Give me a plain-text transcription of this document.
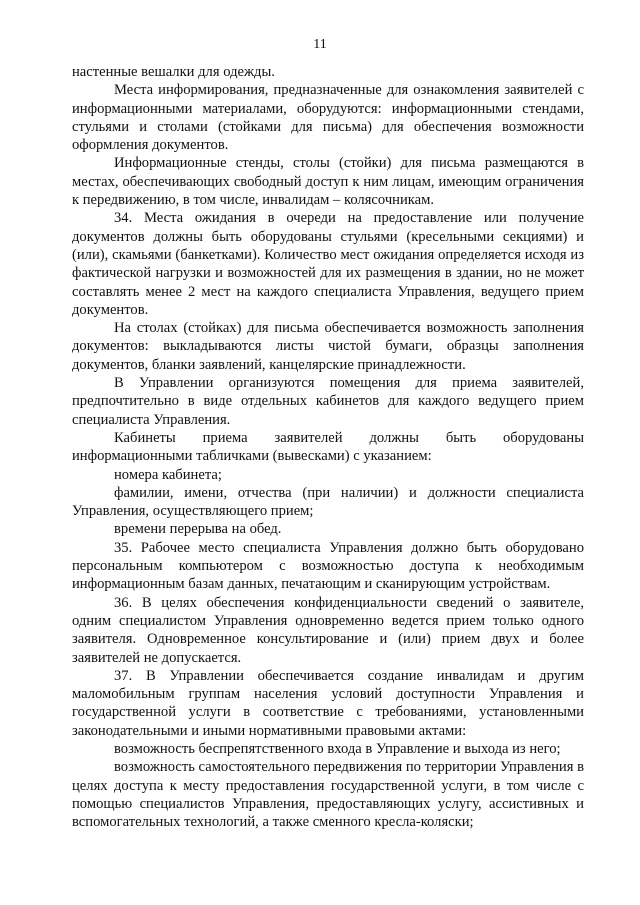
11

настенные вешалки для одежды.

Места информирования, предназначенные для ознакомления заявителей с информационными материалами, оборудуются: информационными стендами, стульями и столами (стойками для письма) для обеспечения возможности оформления документов.

Информационные стенды, столы (стойки) для письма размещаются в местах, обеспечивающих свободный доступ к ним лицам, имеющим ограничения к передвижению, в том числе, инвалидам – колясочникам.

34. Места ожидания в очереди на предоставление или получение документов должны быть оборудованы стульями (кресельными секциями) и (или), скамьями (банкетками). Количество мест ожидания определяется исходя из фактической нагрузки и возможностей для их размещения в здании, но не может составлять менее 2 мест на каждого специалиста Управления, ведущего прием документов.

На столах (стойках) для письма обеспечивается возможность заполнения документов: выкладываются листы чистой бумаги, образцы заполнения документов, бланки заявлений, канцелярские принадлежности.

В Управлении организуются помещения для приема заявителей, предпочтительно в виде отдельных кабинетов для каждого ведущего прием специалиста Управления.

Кабинеты приема заявителей должны быть оборудованы информационными табличками (вывесками) с указанием:

номера кабинета;

фамилии, имени, отчества (при наличии) и должности специалиста Управления, осуществляющего прием;

времени перерыва на обед.

35. Рабочее место специалиста Управления должно быть оборудовано персональным компьютером с возможностью доступа к необходимым информационным базам данных, печатающим и сканирующим устройствам.

36. В целях обеспечения конфиденциальности сведений о заявителе, одним специалистом Управления одновременно ведется прием только одного заявителя. Одновременное консультирование и (или) прием двух и более заявителей не допускается.

37. В Управлении обеспечивается создание инвалидам и другим маломобильным группам населения условий доступности Управления и государственной услуги в соответствие с требованиями, установленными законодательными и иными нормативными правовыми актами:

возможность беспрепятственного входа в Управление и выхода из него;

возможность самостоятельного передвижения по территории Управления в целях доступа к месту предоставления государственной услуги, в том числе с помощью специалистов Управления, предоставляющих услугу, ассистивных и вспомогательных технологий, а также сменного кресла-коляски;
